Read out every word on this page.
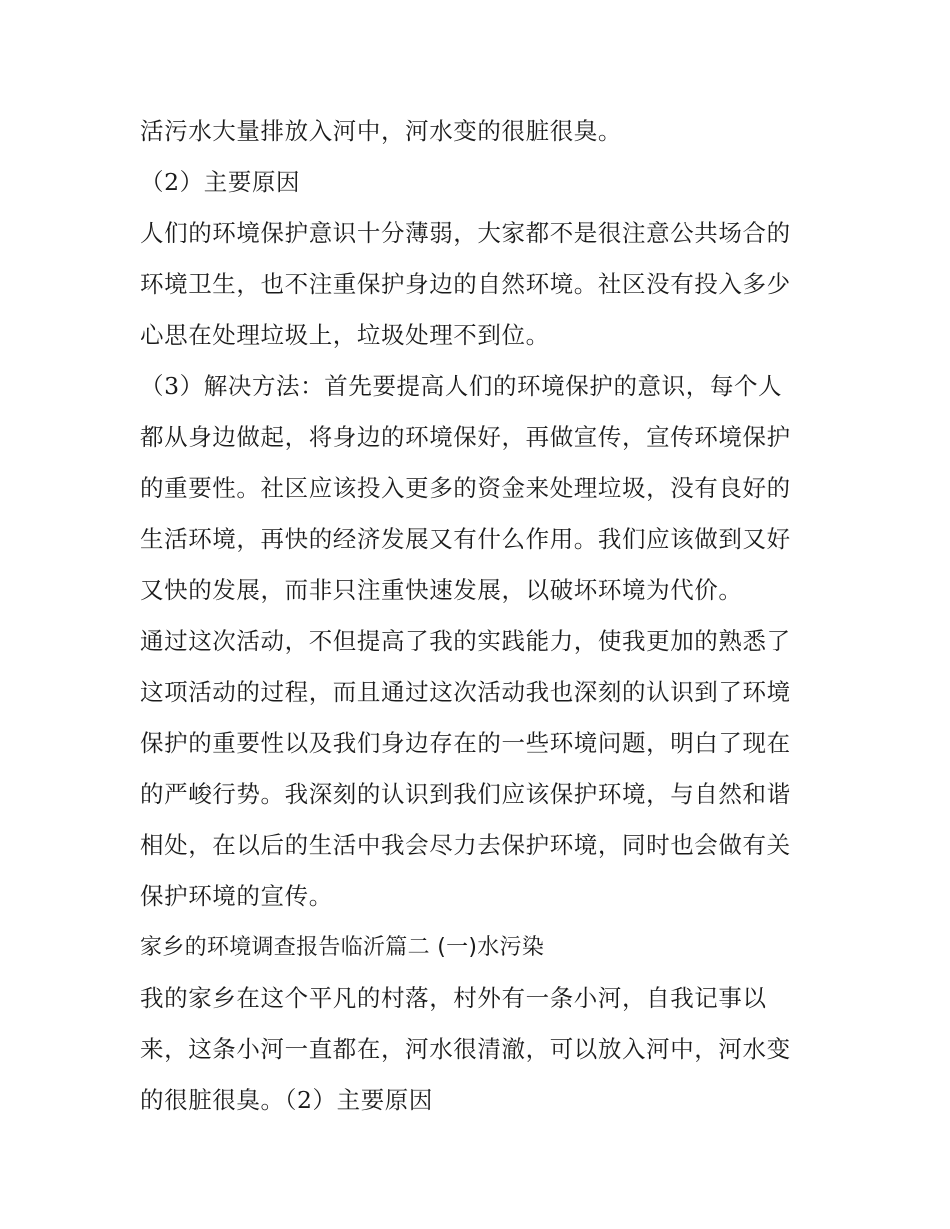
活污水大量排放入河中，河水变的很脏很臭。
（2）主要原因
人们的环境保护意识十分薄弱，大家都不是很注意公共场合的
环境卫生，也不注重保护身边的自然环境。社区没有投入多少
心思在处理垃圾上，垃圾处理不到位。
（3）解决方法：首先要提高人们的环境保护的意识，每个人
都从身边做起，将身边的环境保好，再做宣传，宣传环境保护
的重要性。社区应该投入更多的资金来处理垃圾，没有良好的
生活环境，再快的经济发展又有什么作用。我们应该做到又好
又快的发展，而非只注重快速发展，以破坏环境为代价。
通过这次活动，不但提高了我的实践能力，使我更加的熟悉了
这项活动的过程，而且通过这次活动我也深刻的认识到了环境
保护的重要性以及我们身边存在的一些环境问题，明白了现在
的严峻行势。我深刻的认识到我们应该保护环境，与自然和谐
相处，在以后的生活中我会尽力去保护环境，同时也会做有关
保护环境的宣传。
家乡的环境调查报告临沂篇二 (一)水污染
我的家乡在这个平凡的村落，村外有一条小河，自我记事以
来，这条小河一直都在，河水很清澈，可以放入河中，河水变
的很脏很臭。（2）主要原因
